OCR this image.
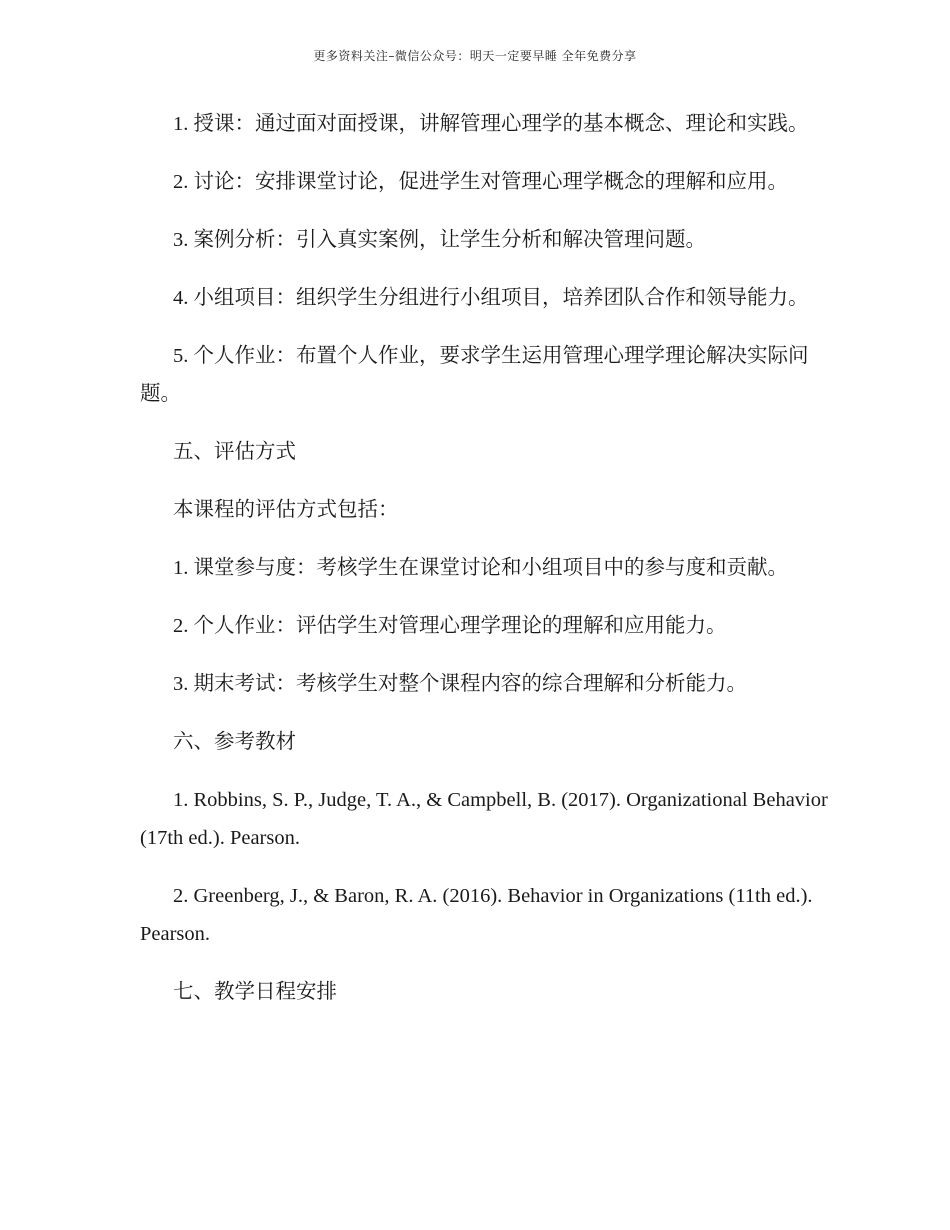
更多资料关注–微信公众号：明天一定要早睡 全年免费分享

1. 授课：通过面对面授课，讲解管理心理学的基本概念、理论和实践。

2. 讨论：安排课堂讨论，促进学生对管理心理学概念的理解和应用。

3. 案例分析：引入真实案例，让学生分析和解决管理问题。

4. 小组项目：组织学生分组进行小组项目，培养团队合作和领导能力。

5. 个人作业：布置个人作业，要求学生运用管理心理学理论解决实际问题。

五、评估方式

本课程的评估方式包括：

1. 课堂参与度：考核学生在课堂讨论和小组项目中的参与度和贡献。

2. 个人作业：评估学生对管理心理学理论的理解和应用能力。

3. 期末考试：考核学生对整个课程内容的综合理解和分析能力。

六、参考教材

1. Robbins, S. P., Judge, T. A., & Campbell, B. (2017). Organizational Behavior (17th ed.). Pearson.

2. Greenberg, J., & Baron, R. A. (2016). Behavior in Organizations (11th ed.). Pearson.

七、教学日程安排
